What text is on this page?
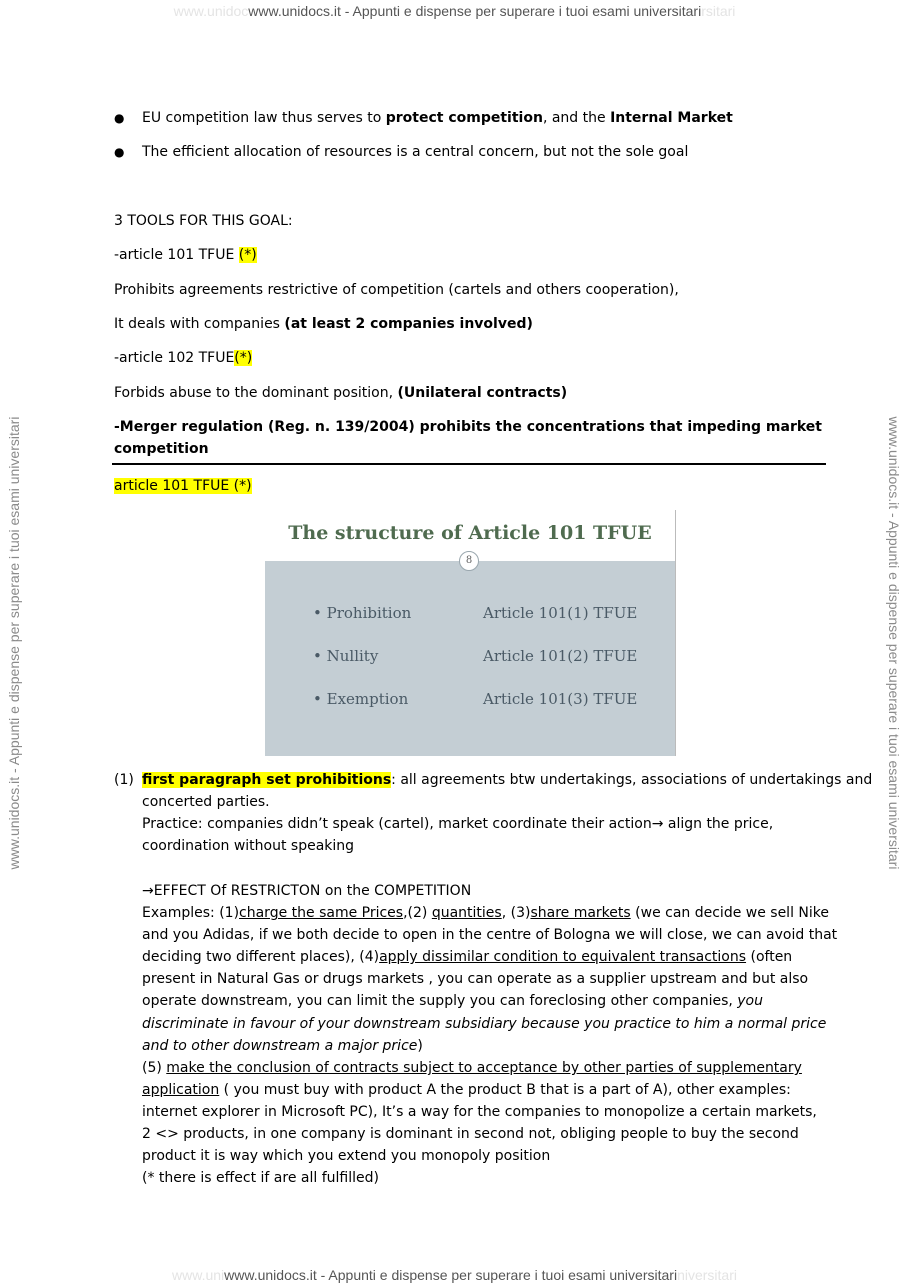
www.unidocwww.unidocs.it - Appunti e dispense per superare i tuoi esami universitarirsitari
www.uniwww.unidocs.it - Appunti e dispense per superare i tuoi esami universitariniversitari
www.unidocs.it - Appunti e dispense per superare i tuoi esami universitari	www.unidocs.it - Appunti e dispense per superare i tuoi esami universitari
● EU competition law thus serves to protect competition, and the Internal Market
● The efficient allocation of resources is a central concern, but not the sole goal
3 TOOLS FOR THIS GOAL:
-article 101 TFUE (*)
Prohibits agreements restrictive of competition (cartels and others cooperation),
It deals with companies (at least 2 companies involved)
-article 102 TFUE(*)
Forbids abuse to the dominant position, (Unilateral contracts)
-Merger regulation (Reg. n. 139/2004) prohibits the concentrations that impeding market
competition
article 101 TFUE (*)
(1) first paragraph set prohibitions: all agreements btw undertakings, associations of undertakings and
concerted parties.
Practice: companies didn’t speak (cartel), market coordinate their action→ align the price,
coordination without speaking
→EFFECT Of RESTRICTON on the COMPETITION
Examples: (1)charge the same Prices,(2) quantities, (3)share markets (we can decide we sell Nike
and you Adidas, if we both decide to open in the centre of Bologna we will close, we can avoid that
deciding two different places), (4)apply dissimilar condition to equivalent transactions (often
present in Natural Gas or drugs markets , you can operate as a supplier upstream and but also
operate downstream, you can limit the supply you can foreclosing other companies, you
discriminate in favour of your downstream subsidiary because you practice to him a normal price
and to other downstream a major price)
(5) make the conclusion of contracts subject to acceptance by other parties of supplementary
application ( you must buy with product A the product B that is a part of A), other examples:
internet explorer in Microsoft PC), It’s a way for the companies to monopolize a certain markets,
2 <> products, in one company is dominant in second not, obliging people to buy the second
product it is way which you extend you monopoly position
(* there is effect if are all fulfilled)
The structure of Article 101 TFUE
8
• Prohibition	Article 101(1) TFUE
• Nullity	Article 101(2) TFUE
• Exemption	Article 101(3) TFUE
